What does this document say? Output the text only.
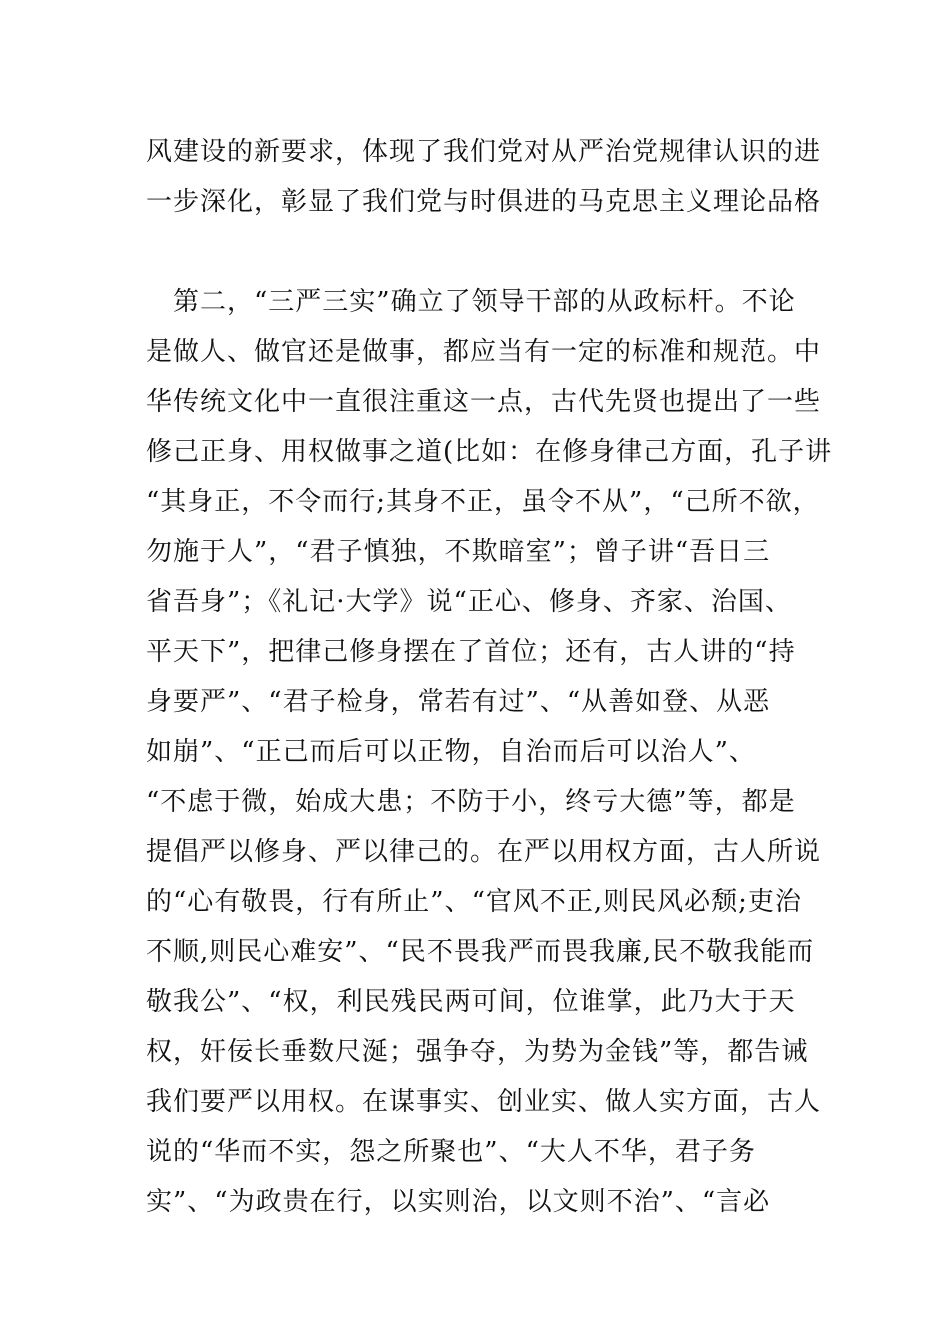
风建设的新要求，体现了我们党对从严治党规律认识的进
一步深化，彰显了我们党与时俱进的马克思主义理论品格
　第二，“三严三实”确立了领导干部的从政标杆。不论
是做人、做官还是做事，都应当有一定的标准和规范。中
华传统文化中一直很注重这一点，古代先贤也提出了一些
修己正身、用权做事之道(比如：在修身律己方面，孔子讲
“其身正，不令而行;其身不正，虽令不从”，“己所不欲，
勿施于人”，“君子慎独，不欺暗室”；曾子讲“吾日三
省吾身”；《礼记·大学》说“正心、修身、齐家、治国、
平天下”，把律己修身摆在了首位；还有，古人讲的“持
身要严”、“君子检身，常若有过”、“从善如登、从恶
如崩”、“正己而后可以正物，自治而后可以治人”、
“不虑于微，始成大患；不防于小，终亏大德”等，都是
提倡严以修身、严以律己的。在严以用权方面，古人所说
的“心有敬畏，行有所止”、“官风不正,则民风必颓;吏治
不顺,则民心难安”、“民不畏我严而畏我廉,民不敬我能而
敬我公”、“权，利民残民两可间，位谁掌，此乃大于天
权，奸佞长垂数尺涎；强争夺，为势为金钱”等，都告诫
我们要严以用权。在谋事实、创业实、做人实方面，古人
说的“华而不实，怨之所聚也”、“大人不华，君子务
实”、“为政贵在行，以实则治，以文则不治”、“言必
